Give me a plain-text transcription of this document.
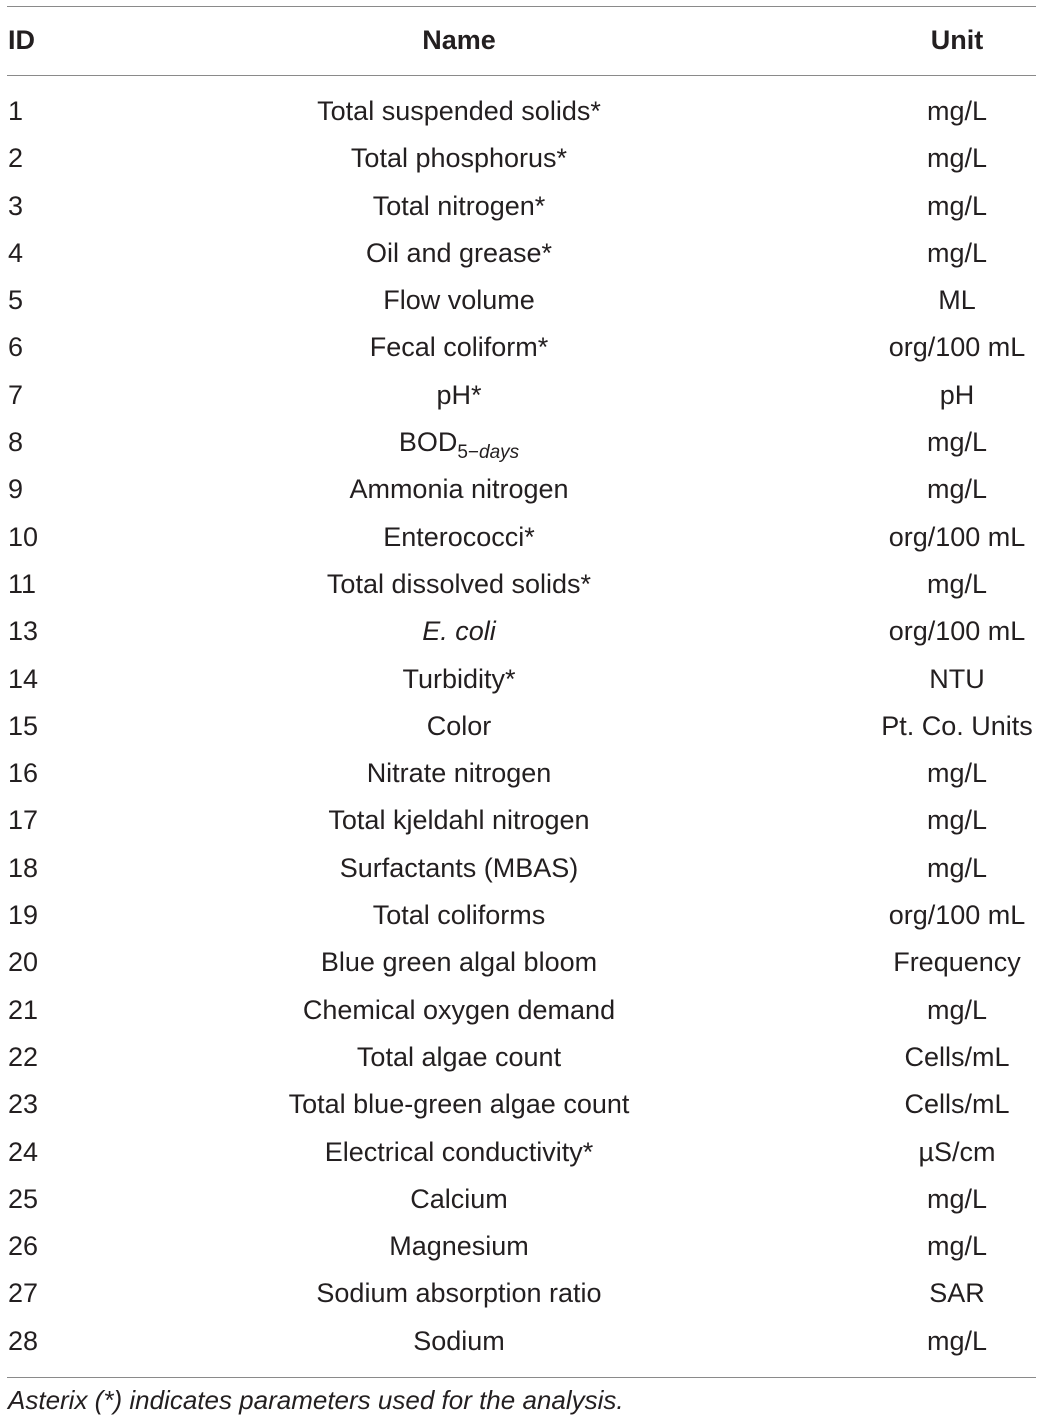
ID	Name	Unit
1	Total suspended solids*	mg/L
2	Total phosphorus*	mg/L
3	Total nitrogen*	mg/L
4	Oil and grease*	mg/L
5	Flow volume	ML
6	Fecal coliform*	org/100 mL
7	pH*	pH
8	$BOD_{5-days}$	mg/L
9	Ammonia nitrogen	mg/L
10	Enterococci*	org/100 mL
11	Total dissolved solids*	mg/L
13	E. coli	org/100 mL
14	Turbidity*	NTU
15	Color	Pt. Co. Units
16	Nitrate nitrogen	mg/L
17	Total kjeldahl nitrogen	mg/L
18	Surfactants (MBAS)	mg/L
19	Total coliforms	org/100 mL
20	Blue green algal bloom	Frequency
21	Chemical oxygen demand	mg/L
22	Total algae count	Cells/mL
23	Total blue-green algae count	Cells/mL
24	Electrical conductivity*	µS/cm
25	Calcium	mg/L
26	Magnesium	mg/L
27	Sodium absorption ratio	SAR
28	Sodium	mg/L
Asterix (*) indicates parameters used for the analysis.
